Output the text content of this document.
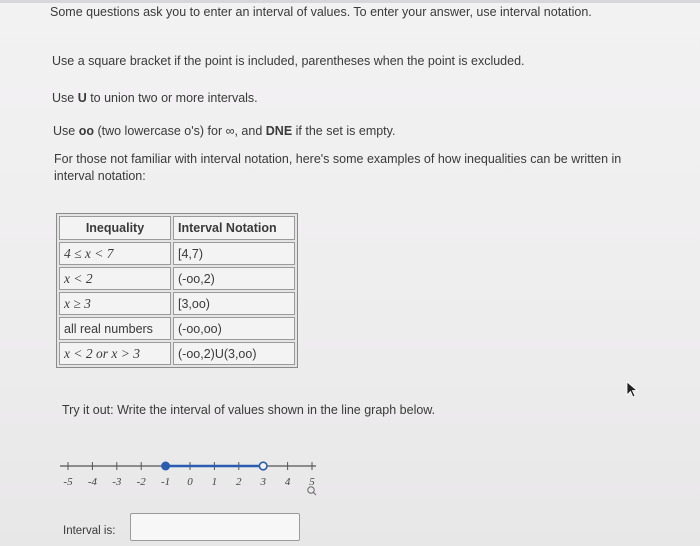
Some questions ask you to enter an interval of values. To enter your answer, use interval notation.
Use a square bracket if the point is included, parentheses when the point is excluded.
Use U to union two or more intervals.
Use oo (two lowercase o's) for ∞, and DNE if the set is empty.
For those not familiar with interval notation, here's some examples of how inequalities can be written in interval notation:
Inequality	Interval Notation
4 ≤ x < 7	[4,7)
x < 2	(-oo,2)
x ≥ 3	[3,oo)
all real numbers	(-oo,oo)
x < 2 or x > 3	(-oo,2)U(3,oo)
Try it out: Write the interval of values shown in the line graph below.
-5 -4 -3 -2 -1 0 1 2 3 4 5
Interval is:
